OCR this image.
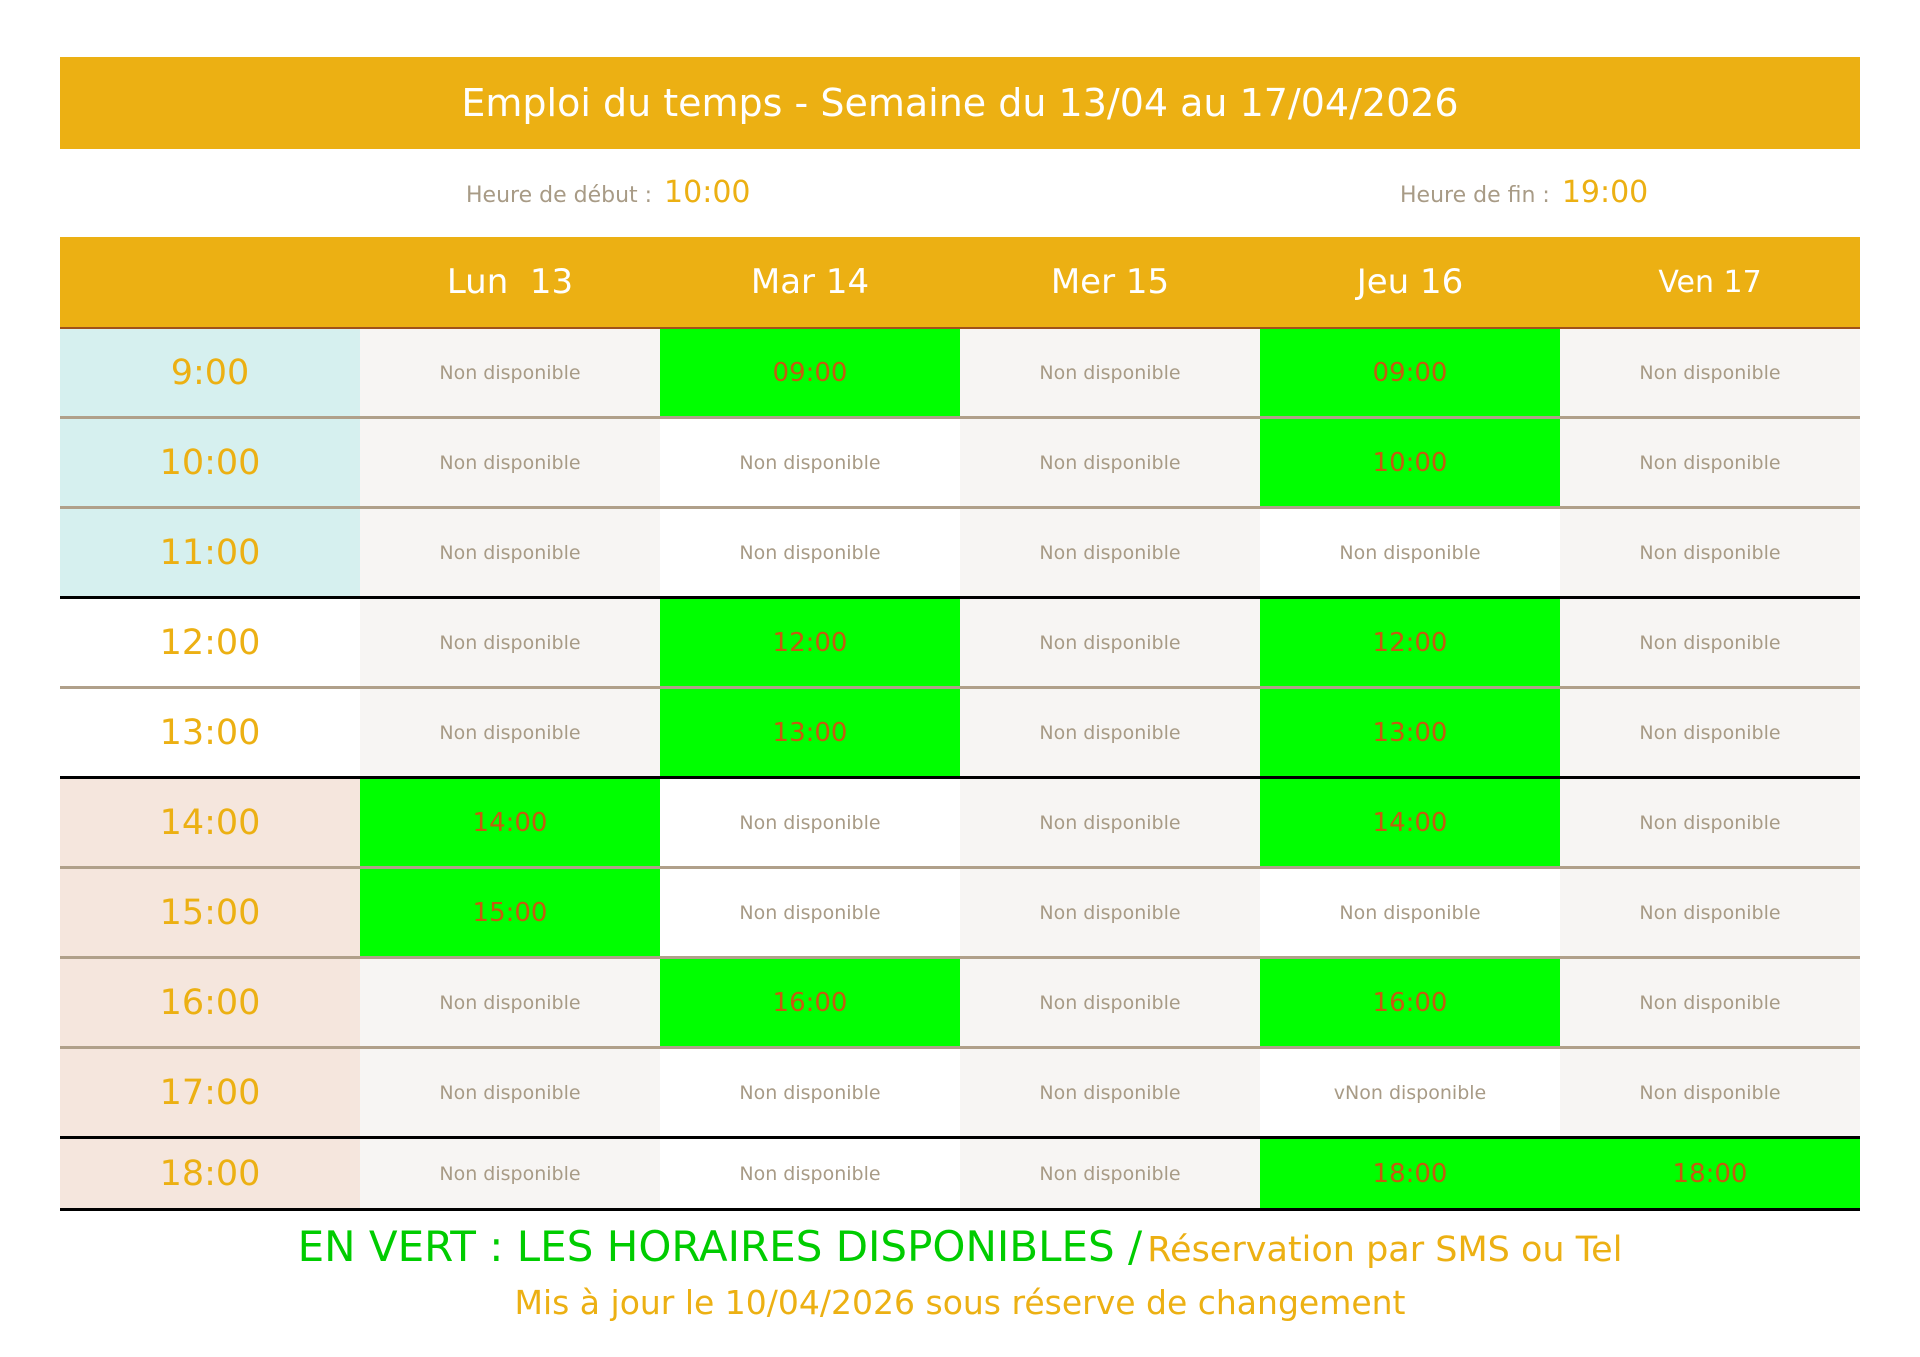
Emploi du temps - Semaine du 13/04 au 17/04/2026
Heure de début : 10:00	Heure de fin : 19:00
Lun  13	Mar 14	Mer 15	Jeu 16	Ven 17
9:00	Non disponible	09:00	Non disponible	09:00	Non disponible
10:00	Non disponible	Non disponible	Non disponible	10:00	Non disponible
11:00	Non disponible	Non disponible	Non disponible	Non disponible	Non disponible
12:00	Non disponible	12:00	Non disponible	12:00	Non disponible
13:00	Non disponible	13:00	Non disponible	13:00	Non disponible
14:00	14:00	Non disponible	Non disponible	14:00	Non disponible
15:00	15:00	Non disponible	Non disponible	Non disponible	Non disponible
16:00	Non disponible	16:00	Non disponible	16:00	Non disponible
17:00	Non disponible	Non disponible	Non disponible	vNon disponible	Non disponible
18:00	Non disponible	Non disponible	Non disponible	18:00	18:00
EN VERT : LES HORAIRES DISPONIBLES / Réservation par SMS ou Tel
Mis à jour le 10/04/2026 sous réserve de changement
